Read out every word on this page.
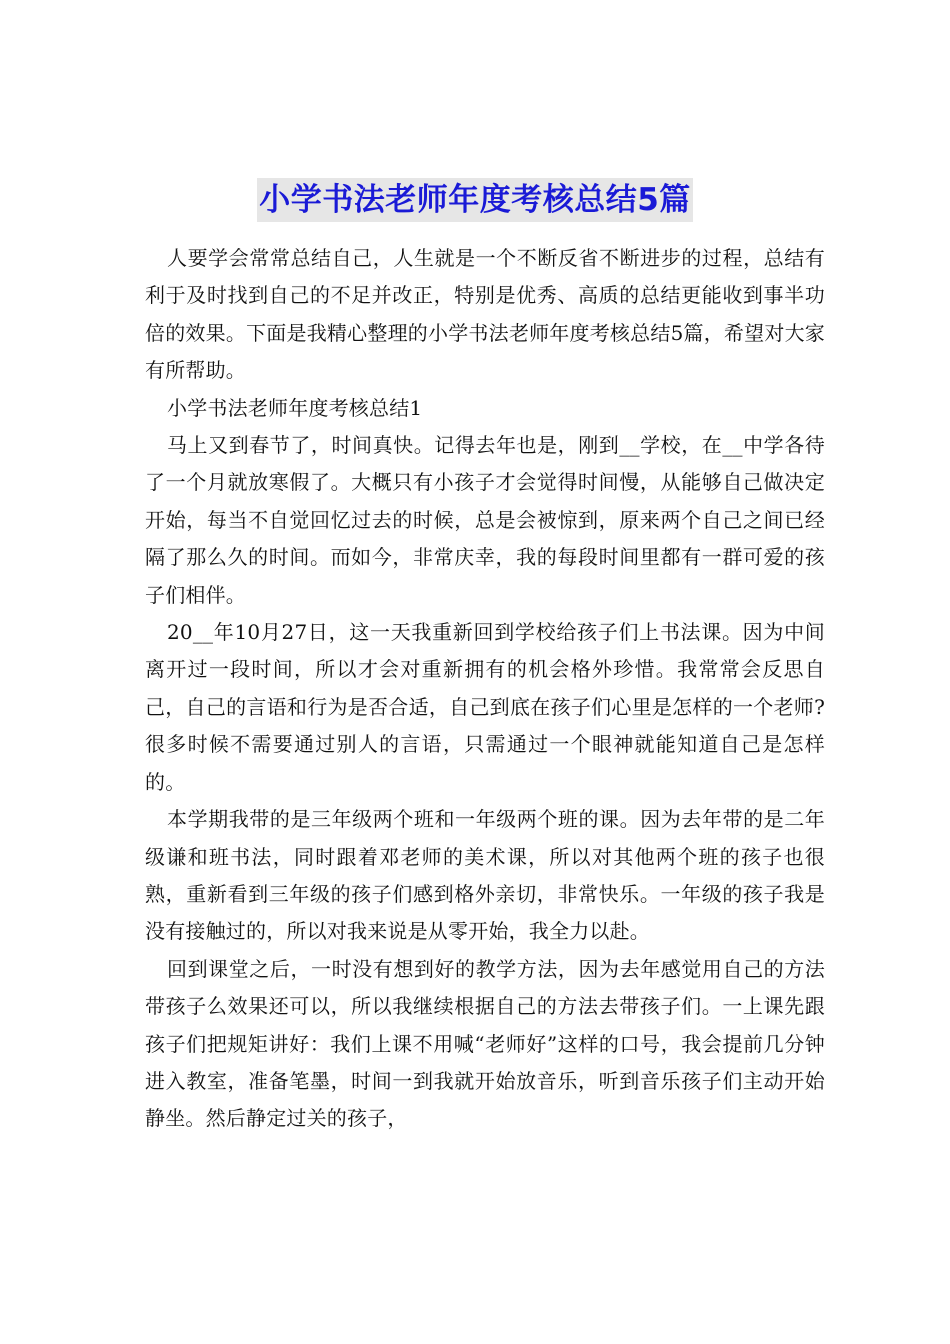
小学书法老师年度考核总结5篇

人要学会常常总结自己，人生就是一个不断反省不断进步的过程，总结有利于及时找到自己的不足并改正，特别是优秀、高质的总结更能收到事半功倍的效果。下面是我精心整理的小学书法老师年度考核总结5篇，希望对大家有所帮助。

小学书法老师年度考核总结1

马上又到春节了，时间真快。记得去年也是，刚到__学校，在__中学各待了一个月就放寒假了。大概只有小孩子才会觉得时间慢，从能够自己做决定开始，每当不自觉回忆过去的时候，总是会被惊到，原来两个自己之间已经隔了那么久的时间。而如今，非常庆幸，我的每段时间里都有一群可爱的孩子们相伴。

20__年10月27日，这一天我重新回到学校给孩子们上书法课。因为中间离开过一段时间，所以才会对重新拥有的机会格外珍惜。我常常会反思自己，自己的言语和行为是否合适，自己到底在孩子们心里是怎样的一个老师?很多时候不需要通过别人的言语，只需通过一个眼神就能知道自己是怎样的。

本学期我带的是三年级两个班和一年级两个班的课。因为去年带的是二年级谦和班书法，同时跟着邓老师的美术课，所以对其他两个班的孩子也很熟，重新看到三年级的孩子们感到格外亲切，非常快乐。一年级的孩子我是没有接触过的，所以对我来说是从零开始，我全力以赴。

回到课堂之后，一时没有想到好的教学方法，因为去年感觉用自己的方法带孩子么效果还可以，所以我继续根据自己的方法去带孩子们。一上课先跟孩子们把规矩讲好：我们上课不用喊“老师好”这样的口号，我会提前几分钟进入教室，准备笔墨，时间一到我就开始放音乐，听到音乐孩子们主动开始静坐。然后静定过关的孩子，
